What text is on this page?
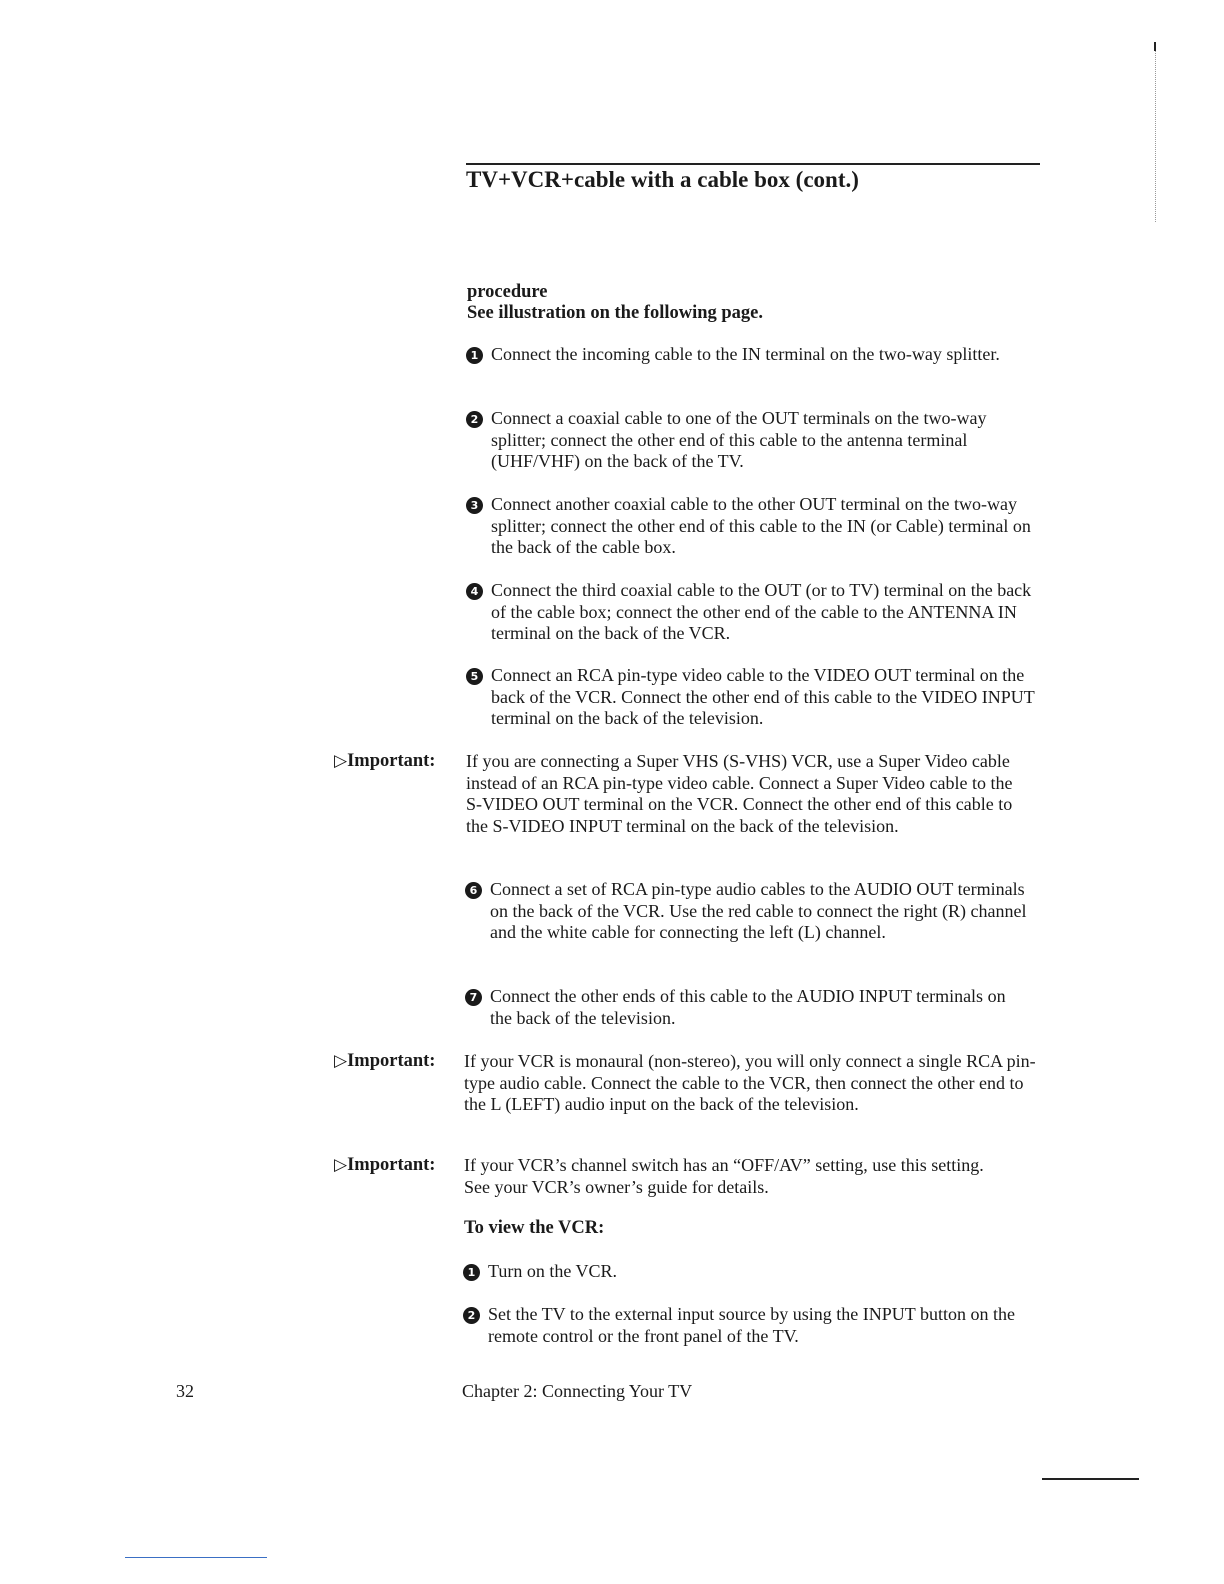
TV+VCR+cable with a cable box (cont.)
procedure
See illustration on the following page.
1 Connect the incoming cable to the IN terminal on the two-way splitter.
2 Connect a coaxial cable to one of the OUT terminals on the two-way splitter; connect the other end of this cable to the antenna terminal (UHF/VHF) on the back of the TV.
3 Connect another coaxial cable to the other OUT terminal on the two-way splitter; connect the other end of this cable to the IN (or Cable) terminal on the back of the cable box.
4 Connect the third coaxial cable to the OUT (or to TV) terminal on the back of the cable box; connect the other end of the cable to the ANTENNA IN terminal on the back of the VCR.
5 Connect an RCA pin-type video cable to the VIDEO OUT terminal on the back of the VCR. Connect the other end of this cable to the VIDEO INPUT terminal on the back of the television.
▷Important: If you are connecting a Super VHS (S-VHS) VCR, use a Super Video cable instead of an RCA pin-type video cable. Connect a Super Video cable to the S-VIDEO OUT terminal on the VCR. Connect the other end of this cable to the S-VIDEO INPUT terminal on the back of the television.
6 Connect a set of RCA pin-type audio cables to the AUDIO OUT terminals on the back of the VCR. Use the red cable to connect the right (R) channel and the white cable for connecting the left (L) channel.
7 Connect the other ends of this cable to the AUDIO INPUT terminals on the back of the television.
▷Important: If your VCR is monaural (non-stereo), you will only connect a single RCA pin-type audio cable. Connect the cable to the VCR, then connect the other end to the L (LEFT) audio input on the back of the television.
▷Important: If your VCR’s channel switch has an “OFF/AV” setting, use this setting. See your VCR’s owner’s guide for details.
To view the VCR:
1 Turn on the VCR.
2 Set the TV to the external input source by using the INPUT button on the remote control or the front panel of the TV.
32	Chapter 2: Connecting Your TV
